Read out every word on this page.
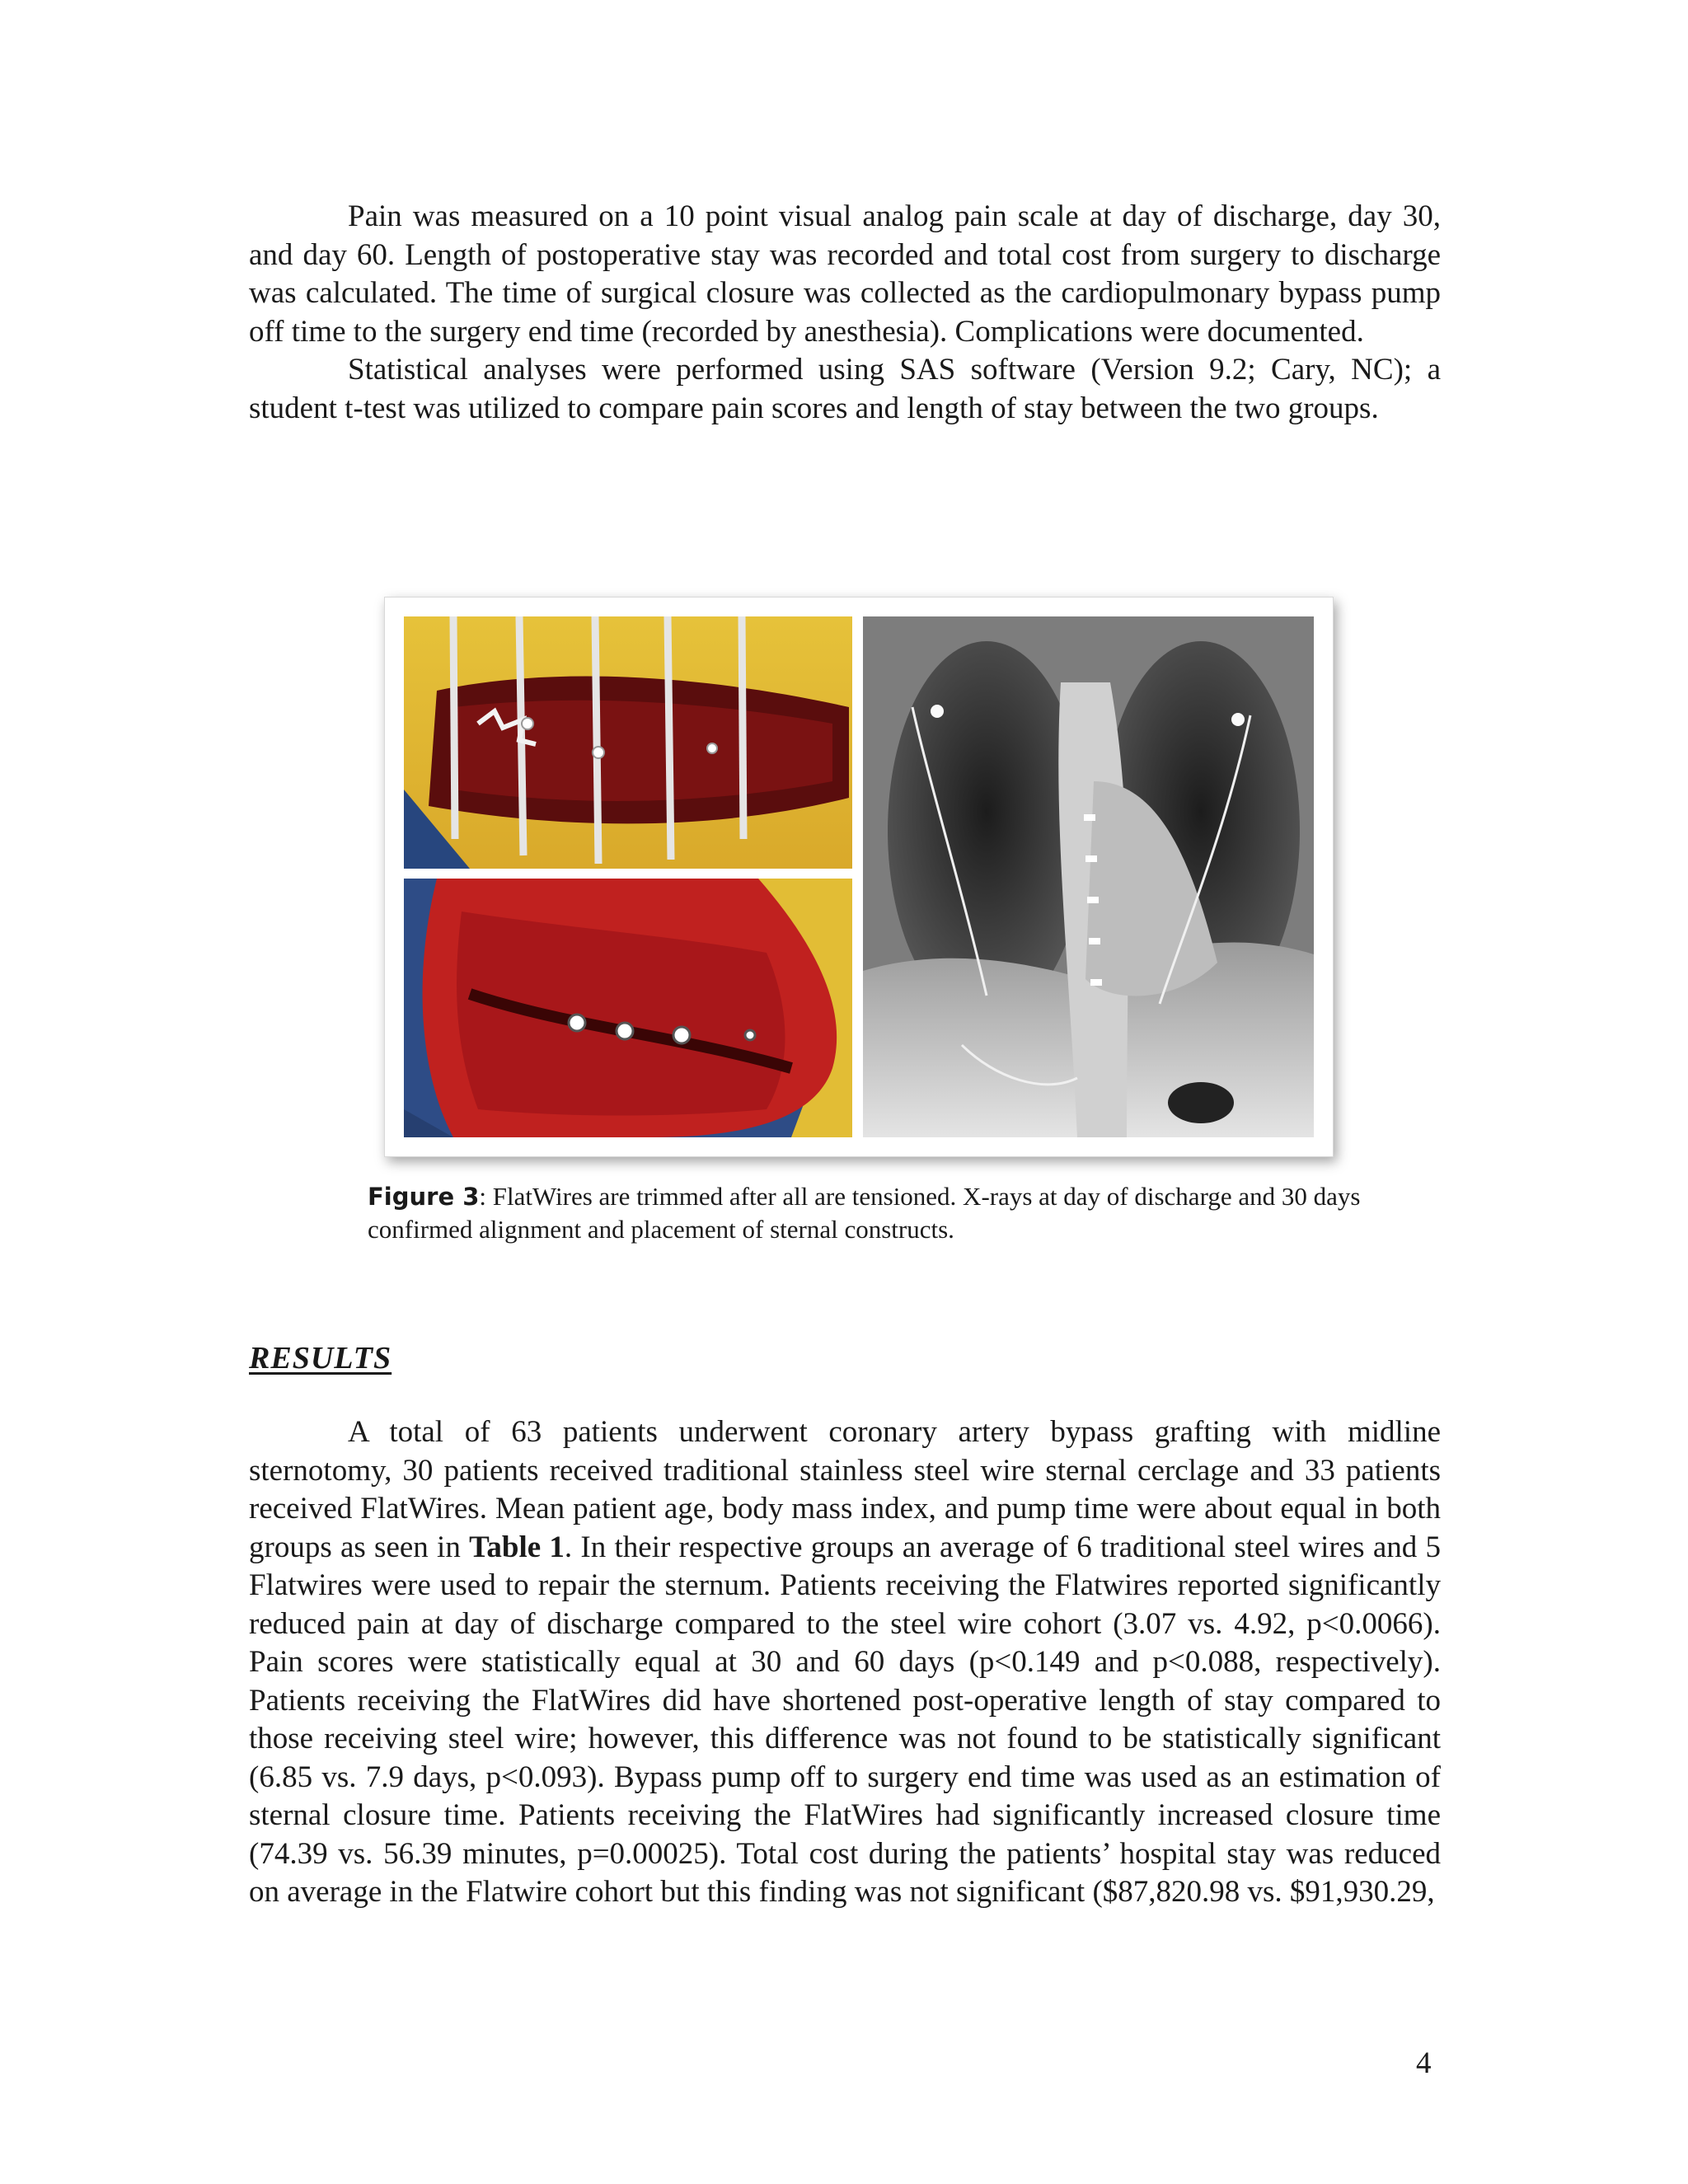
Pain was measured on a 10 point visual analog pain scale at day of discharge, day 30, and day 60. Length of postoperative stay was recorded and total cost from surgery to discharge was calculated. The time of surgical closure was collected as the cardiopulmonary bypass pump off time to the surgery end time (recorded by anesthesia). Complications were documented.

Statistical analyses were performed using SAS software (Version 9.2; Cary, NC); a student t-test was utilized to compare pain scores and length of stay between the two groups.

Figure 3: FlatWires are trimmed after all are tensioned. X-rays at day of discharge and 30 days confirmed alignment and placement of sternal constructs.
RESULTS

A total of 63 patients underwent coronary artery bypass grafting with midline sternotomy, 30 patients received traditional stainless steel wire sternal cerclage and 33 patients received FlatWires. Mean patient age, body mass index, and pump time were about equal in both groups as seen in Table 1. In their respective groups an average of 6 traditional steel wires and 5 Flatwires were used to repair the sternum. Patients receiving the Flatwires reported significantly reduced pain at day of discharge compared to the steel wire cohort (3.07 vs. 4.92, p<0.0066). Pain scores were statistically equal at 30 and 60 days (p<0.149 and p<0.088, respectively). Patients receiving the FlatWires did have shortened post-operative length of stay compared to those receiving steel wire; however, this difference was not found to be statistically significant (6.85 vs. 7.9 days, p<0.093). Bypass pump off to surgery end time was used as an estimation of sternal closure time. Patients receiving the FlatWires had significantly increased closure time (74.39 vs. 56.39 minutes, p=0.00025). Total cost during the patients’ hospital stay was reduced on average in the Flatwire cohort but this finding was not significant ($87,820.98 vs. $91,930.29,

4
